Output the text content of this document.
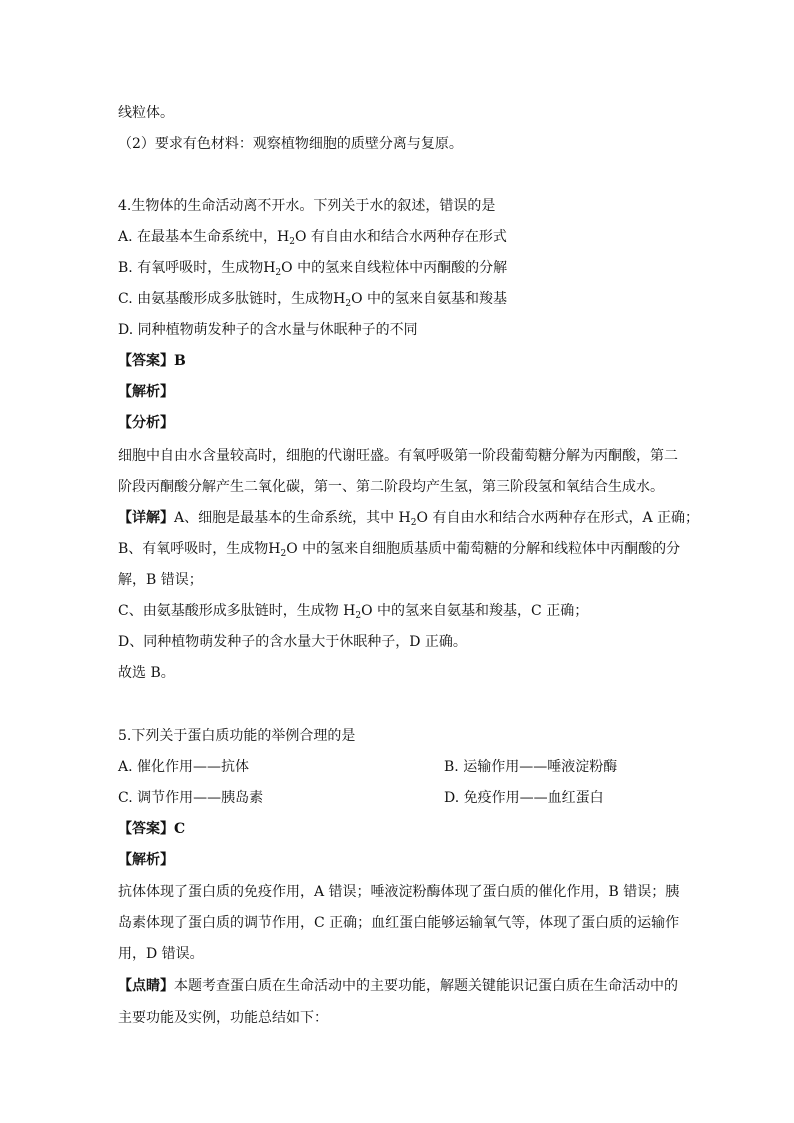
线粒体。
（2）要求有色材料：观察植物细胞的质壁分离与复原。
4.生物体的生命活动离不开水。下列关于水的叙述，错误的是
A. 在最基本生命系统中，$H_2O$ 有自由水和结合水两种存在形式
B. 有氧呼吸时，生成物$H_2O$ 中的氢来自线粒体中丙酮酸的分解
C. 由氨基酸形成多肽链时，生成物$H_2O$ 中的氢来自氨基和羧基
D. 同种植物萌发种子的含水量与休眠种子的不同
【答案】B
【解析】
【分析】
细胞中自由水含量较高时，细胞的代谢旺盛。有氧呼吸第一阶段葡萄糖分解为丙酮酸，第二
阶段丙酮酸分解产生二氧化碳，第一、第二阶段均产生氢，第三阶段氢和氧结合生成水。
【详解】A、细胞是最基本的生命系统，其中 $H_2O$ 有自由水和结合水两种存在形式，A 正确；
B、有氧呼吸时，生成物$H_2O$ 中的氢来自细胞质基质中葡萄糖的分解和线粒体中丙酮酸的分
解，B 错误；
C、由氨基酸形成多肽链时，生成物 $H_2O$ 中的氢来自氨基和羧基，C 正确；
D、同种植物萌发种子的含水量大于休眠种子，D 正确。
故选 B。
5.下列关于蛋白质功能的举例合理的是
A. 催化作用——抗体	B. 运输作用——唾液淀粉酶
C. 调节作用——胰岛素	D. 免疫作用——血红蛋白
【答案】C
【解析】
抗体体现了蛋白质的免疫作用，A 错误；唾液淀粉酶体现了蛋白质的催化作用，B 错误；胰
岛素体现了蛋白质的调节作用，C 正确；血红蛋白能够运输氧气等，体现了蛋白质的运输作
用，D 错误。
【点睛】本题考查蛋白质在生命活动中的主要功能，解题关键能识记蛋白质在生命活动中的
主要功能及实例，功能总结如下：
